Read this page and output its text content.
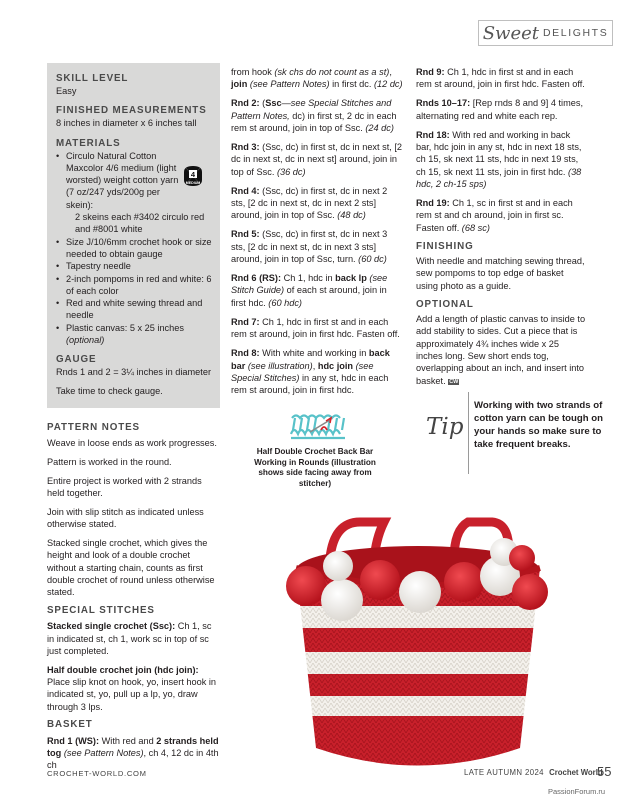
Sweet DELIGHTS
SKILL LEVEL

Easy

FINISHED MEASUREMENTS

8 inches in diameter x 6 inches tall

MATERIALS
• Circulo Natural Cotton Maxcolor 4/6 medium (light worsted) weight cotton yarn (7 oz/247 yds/200g per skein):
2 skeins each #3402 circulo red and #8001 white
• Size J/10/6mm crochet hook or size needed to obtain gauge
• Tapestry needle
• 2-inch pompoms in red and white: 6 of each color
• Red and white sewing thread and needle
• Plastic canvas: 5 x 25 inches
(optional)
GAUGE

Rnds 1 and 2 = 3¼ inches in diameter

Take time to check gauge.

4
MEDIUM
PATTERN NOTES

Weave in loose ends as work progresses.

Pattern is worked in the round.

Entire project is worked with 2 strands held together.

Join with slip stitch as indicated unless otherwise stated.

Stacked single crochet, which gives the height and look of a double crochet without a starting chain, counts as first double crochet of round unless otherwise stated.

SPECIAL STITCHES

Stacked single crochet (Ssc): Ch 1, sc in indicated st, ch 1, work sc in top of sc just completed.

Half double crochet join (hdc join): Place slip knot on hook, yo, insert hook in indicated st, yo, pull up a lp, yo, draw through 3 lps.

BASKET

Rnd 1 (WS): With red and 2 strands held tog (see Pattern Notes), ch 4, 12 dc in 4th ch

from hook (sk chs do not count as a st), join (see Pattern Notes) in first dc. (12 dc)

Rnd 2: (Ssc—see Special Stitches and Pattern Notes, dc) in first st, 2 dc in each rem st around, join in top of Ssc. (24 dc)

Rnd 3: (Ssc, dc) in first st, dc in next st, [2 dc in next st, dc in next st] around, join in top of Ssc. (36 dc)

Rnd 4: (Ssc, dc) in first st, dc in next 2 sts, [2 dc in next st, dc in next 2 sts] around, join in top of Ssc. (48 dc)

Rnd 5: (Ssc, dc) in first st, dc in next 3 sts, [2 dc in next st, dc in next 3 sts] around, join in top of Ssc, turn. (60 dc)

Rnd 6 (RS): Ch 1, hdc in back lp (see Stitch Guide) of each st around, join in first hdc. (60 hdc)

Rnd 7: Ch 1, hdc in first st and in each rem st around, join in first hdc. Fasten off.

Rnd 8: With white and working in back bar (see illustration), hdc join (see Special Stitches) in any st, hdc in each rem st around, join in first hdc.

Rnd 9: Ch 1, hdc in first st and in each rem st around, join in first hdc. Fasten off.

Rnds 10–17: [Rep rnds 8 and 9] 4 times, alternating red and white each rep.

Rnd 18: With red and working in back bar, hdc join in any st, hdc in next 18 sts, ch 15, sk next 11 sts, hdc in next 19 sts, ch 15, sk next 11 sts, join in first hdc. (38 hdc, 2 ch-15 sps)

Rnd 19: Ch 1, sc in first st and in each rem st and ch around, join in first sc. Fasten off. (68 sc)

FINISHING

With needle and matching sewing thread, sew pompoms to top edge of basket using photo as a guide.

OPTIONAL

Add a length of plastic canvas to inside to add stability to sides. Cut a piece that is approximately 4¾ inches wide x 25 inches long. Sew short ends tog, overlapping about an inch, and insert into basket. CW

Half Double Crochet Back Bar Working in Rounds (illustration shows side facing away from stitcher)
Tip
Working with two strands of cotton yarn can be tough on your hands so make sure to take frequent breaks.
CROCHET-WORLD.COM	LATE AUTUMN 2024 Crochet World
55
PassionForum.ru
